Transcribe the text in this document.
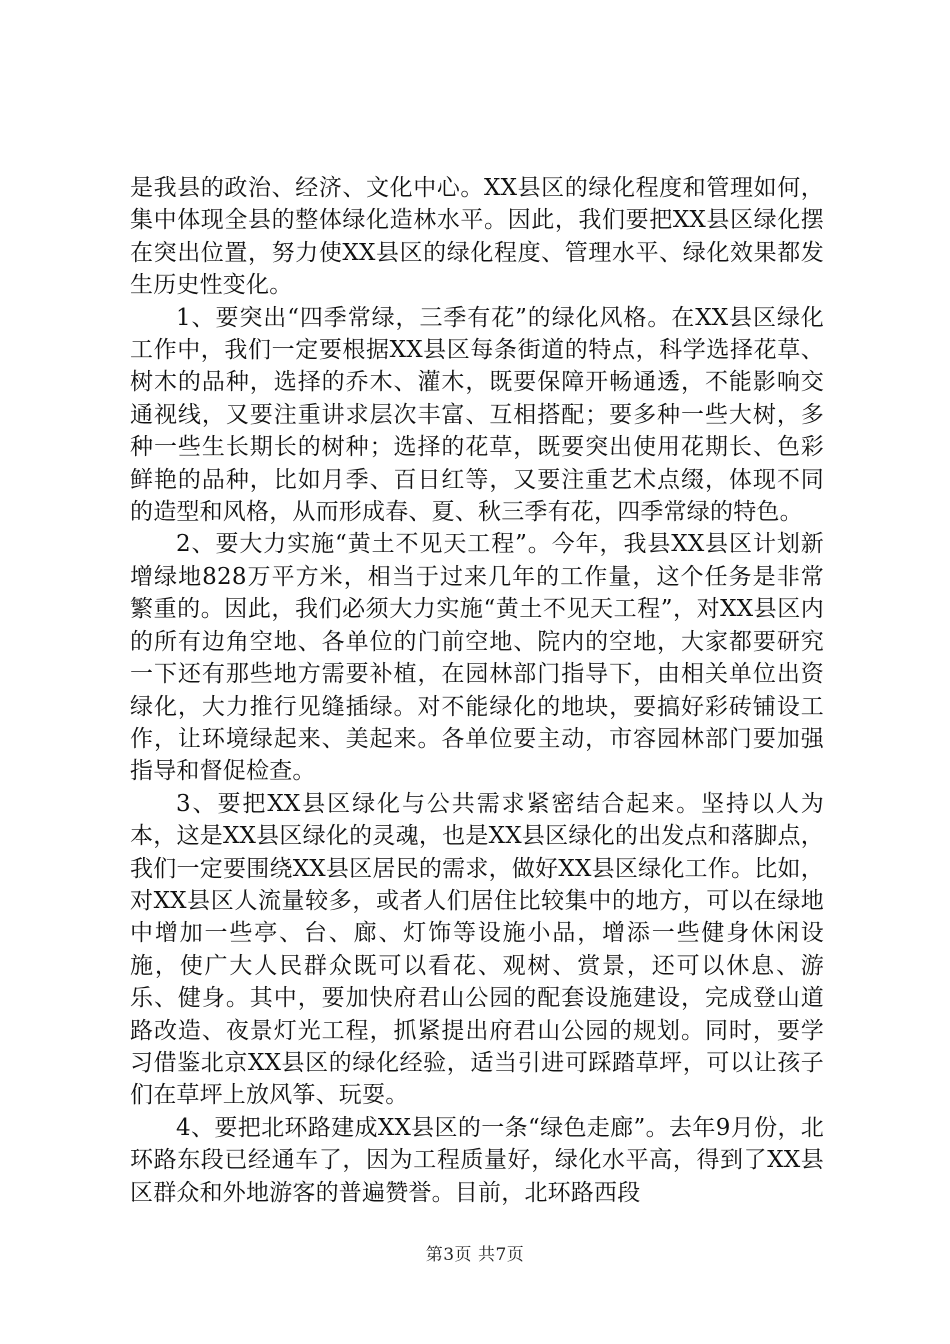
是我县的政治、经济、文化中心。XX县区的绿化程度和管理如何，集中体现全县的整体绿化造林水平。因此，我们要把XX县区绿化摆在突出位置，努力使XX县区的绿化程度、管理水平、绿化效果都发生历史性变化。

1、要突出“四季常绿，三季有花”的绿化风格。在XX县区绿化工作中，我们一定要根据XX县区每条街道的特点，科学选择花草、树木的品种，选择的乔木、灌木，既要保障开畅通透，不能影响交通视线，又要注重讲求层次丰富、互相搭配；要多种一些大树，多种一些生长期长的树种；选择的花草，既要突出使用花期长、色彩鲜艳的品种，比如月季、百日红等，又要注重艺术点缀，体现不同的造型和风格，从而形成春、夏、秋三季有花，四季常绿的特色。

2、要大力实施“黄土不见天工程”。今年，我县XX县区计划新增绿地828万平方米，相当于过来几年的工作量，这个任务是非常繁重的。因此，我们必须大力实施“黄土不见天工程”，对XX县区内的所有边角空地、各单位的门前空地、院内的空地，大家都要研究一下还有那些地方需要补植，在园林部门指导下，由相关单位出资绿化，大力推行见缝插绿。对不能绿化的地块，要搞好彩砖铺设工作，让环境绿起来、美起来。各单位要主动，市容园林部门要加强指导和督促检查。

3、要把XX县区绿化与公共需求紧密结合起来。坚持以人为本，这是XX县区绿化的灵魂，也是XX县区绿化的出发点和落脚点，我们一定要围绕XX县区居民的需求，做好XX县区绿化工作。比如，对XX县区人流量较多，或者人们居住比较集中的地方，可以在绿地中增加一些亭、台、廊、灯饰等设施小品，增添一些健身休闲设施，使广大人民群众既可以看花、观树、赏景，还可以休息、游乐、健身。其中，要加快府君山公园的配套设施建设，完成登山道路改造、夜景灯光工程，抓紧提出府君山公园的规划。同时，要学习借鉴北京XX县区的绿化经验，适当引进可踩踏草坪，可以让孩子们在草坪上放风筝、玩耍。

4、要把北环路建成XX县区的一条“绿色走廊”。去年9月份，北环路东段已经通车了，因为工程质量好，绿化水平高，得到了XX县区群众和外地游客的普遍赞誉。目前，北环路西段

第3页 共7页
